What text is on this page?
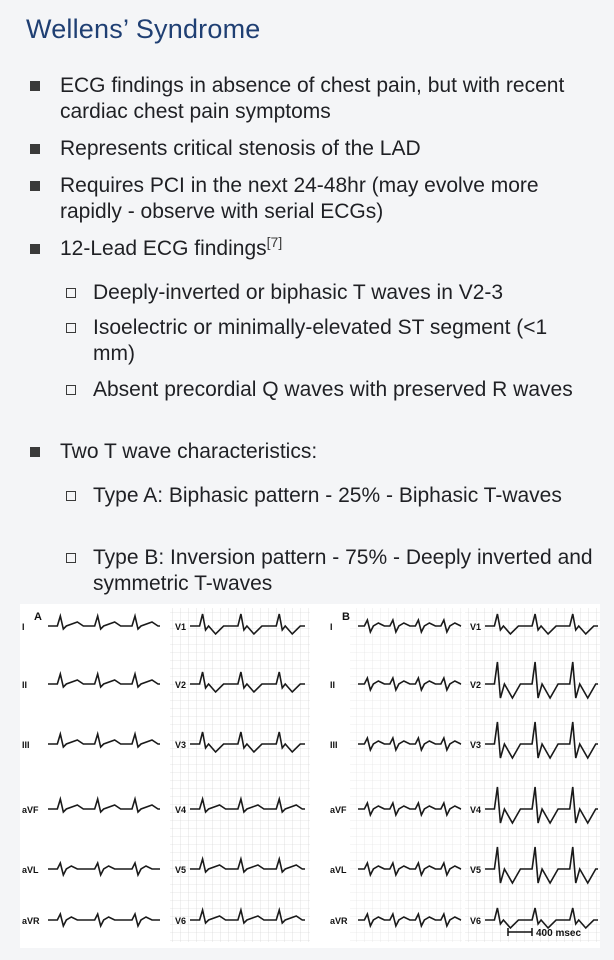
Wellens’ Syndrome
ECG findings in absence of chest pain, but with recent cardiac chest pain symptoms
Represents critical stenosis of the LAD
Requires PCI in the next 24-48hr (may evolve more rapidly - observe with serial ECGs)
12-Lead ECG findings[7]
Deeply-inverted or biphasic T waves in V2-3
Isoelectric or minimally-elevated ST segment (<1 mm)
Absent precordial Q waves with preserved R waves
Two T wave characteristics:
Type A: Biphasic pattern - 25% - Biphasic T-waves
Type B: Inversion pattern - 75% - Deeply inverted and symmetric T-waves
A	B
400 msec
I	V1	I	V1
II	V2	II	V2
III	V3	III	V3
aVF	V4	aVF	V4
aVL	V5	aVL	V5
aVR	V6	aVR	V6
